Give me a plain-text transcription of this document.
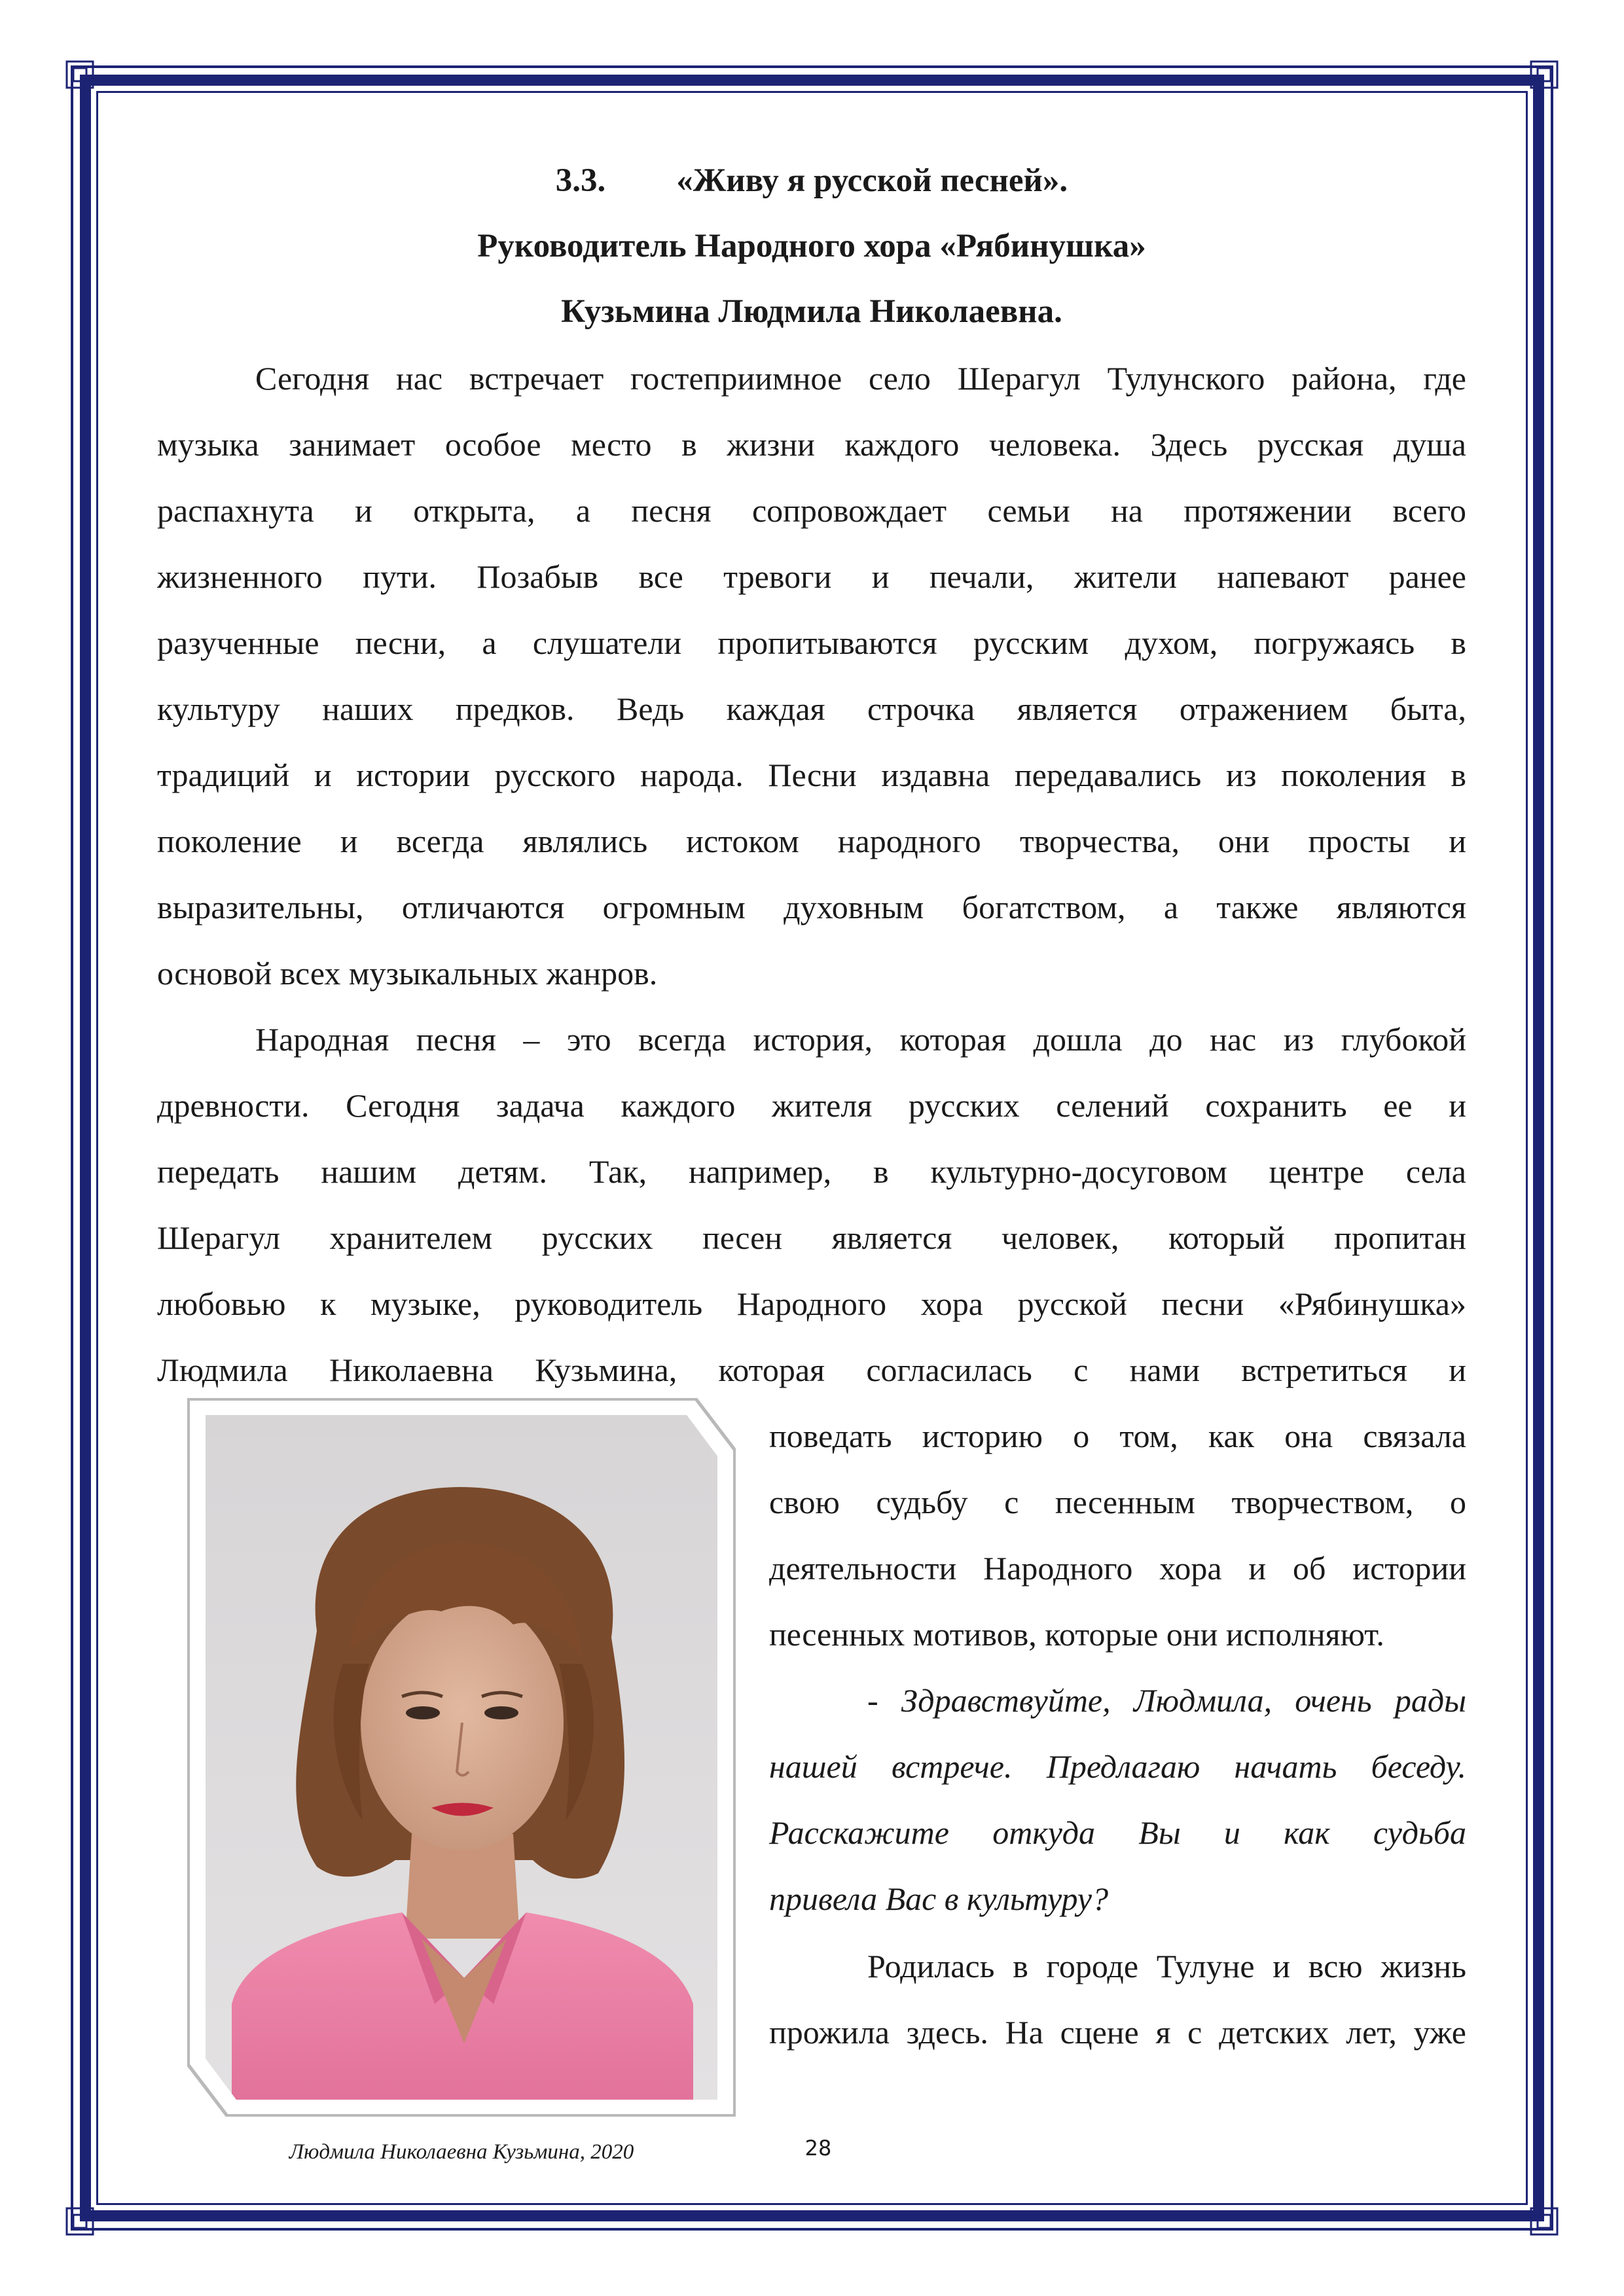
3.3. «Живу я русской песней».
Руководитель Народного хора «Рябинушка»
Кузьмина Людмила Николаевна.
Сегодня нас встречает гостеприимное село Шерагул Тулунского района, где
музыка занимает особое место в жизни каждого человека. Здесь русская душа
распахнута и открыта, а песня сопровождает семьи на протяжении всего
жизненного пути. Позабыв все тревоги и печали, жители напевают ранее
разученные песни, а слушатели пропитываются русским духом, погружаясь в
культуру наших предков. Ведь каждая строчка является отражением быта,
традиций и истории русского народа. Песни издавна передавались из поколения в
поколение и всегда являлись истоком народного творчества, они просты и
выразительны, отличаются огромным духовным богатством, а также являются
основой всех музыкальных жанров.
Народная песня – это всегда история, которая дошла до нас из глубокой
древности. Сегодня задача каждого жителя русских селений сохранить ее и
передать нашим детям. Так, например, в культурно-досуговом центре села
Шерагул хранителем русских песен является человек, который пропитан
любовью к музыке, руководитель Народного хора русской песни «Рябинушка»
Людмила Николаевна Кузьмина, которая согласилась с нами встретиться и
поведать историю о том, как она связала
свою судьбу с песенным творчеством, о
деятельности Народного хора и об истории
песенных мотивов, которые они исполняют.
- Здравствуйте, Людмила, очень рады
нашей встрече. Предлагаю начать беседу.
Расскажите откуда Вы и как судьба
привела Вас в культуру?
Родилась в городе Тулуне и всю жизнь
прожила здесь. На сцене я с детских лет, уже
Людмила Николаевна Кузьмина, 2020	28
